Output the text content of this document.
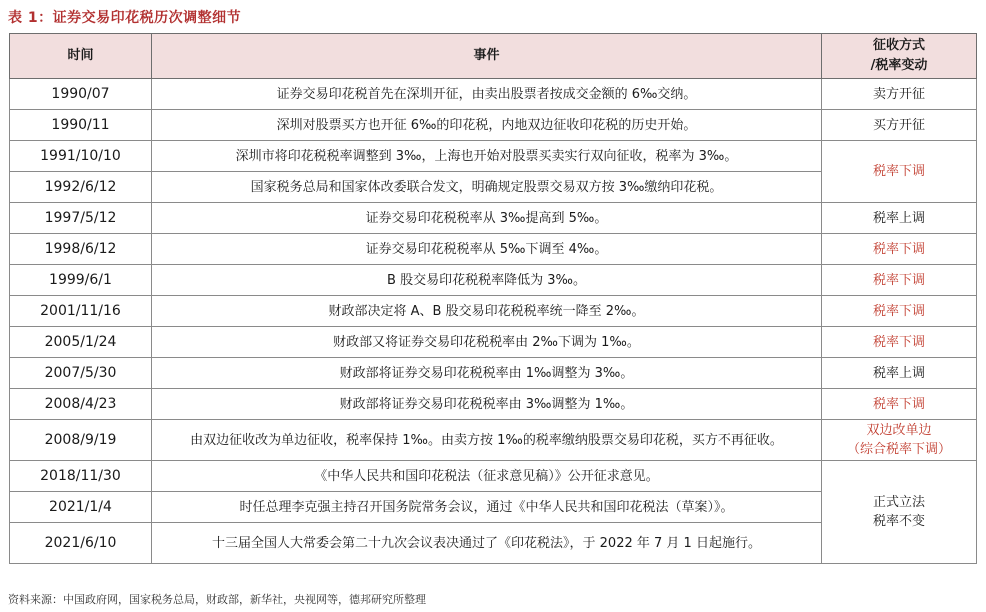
表 1：证券交易印花税历次调整细节
时间	事件	征收方式
/税率变动

1990/07	证券交易印花税首先在深圳开征，由卖出股票者按成交金额的 6‰交纳。	卖方开征
1990/11	深圳对股票买方也开征 6‰的印花税，内地双边征收印花税的历史开始。	买方开征
1991/10/10	深圳市将印花税税率调整到 3‰，上海也开始对股票买卖实行双向征收，税率为 3‰。	税率下调
1992/6/12	国家税务总局和国家体改委联合发文，明确规定股票交易双方按 3‰缴纳印花税。	
1997/5/12	证券交易印花税税率从 3‰提高到 5‰。	税率上调
1998/6/12	证券交易印花税税率从 5‰下调至 4‰。	税率下调
1999/6/1	B 股交易印花税税率降低为 3‰。	税率下调
2001/11/16	财政部决定将 A、B 股交易印花税税率统一降至 2‰。	税率下调
2005/1/24	财政部又将证券交易印花税税率由 2‰下调为 1‰。	税率下调
2007/5/30	财政部将证券交易印花税税率由 1‰调整为 3‰。	税率上调
2008/4/23	财政部将证券交易印花税税率由 3‰调整为 1‰。	税率下调
2008/9/19	由双边征收改为单边征收，税率保持 1‰。由卖方按 1‰的税率缴纳股票交易印花税，买方不再征收。	双边改单边
（综合税率下调）

2018/11/30	《中华人民共和国印花税法（征求意见稿）》公开征求意见。	正式立法
税率不变

2021/1/4	时任总理李克强主持召开国务院常务会议，通过《中华人民共和国印花税法（草案）》。	
2021/6/10	十三届全国人大常委会第二十九次会议表决通过了《印花税法》，于 2022 年 7 月 1 日起施行。	
资料来源：中国政府网，国家税务总局，财政部，新华社，央视网等，德邦研究所整理
